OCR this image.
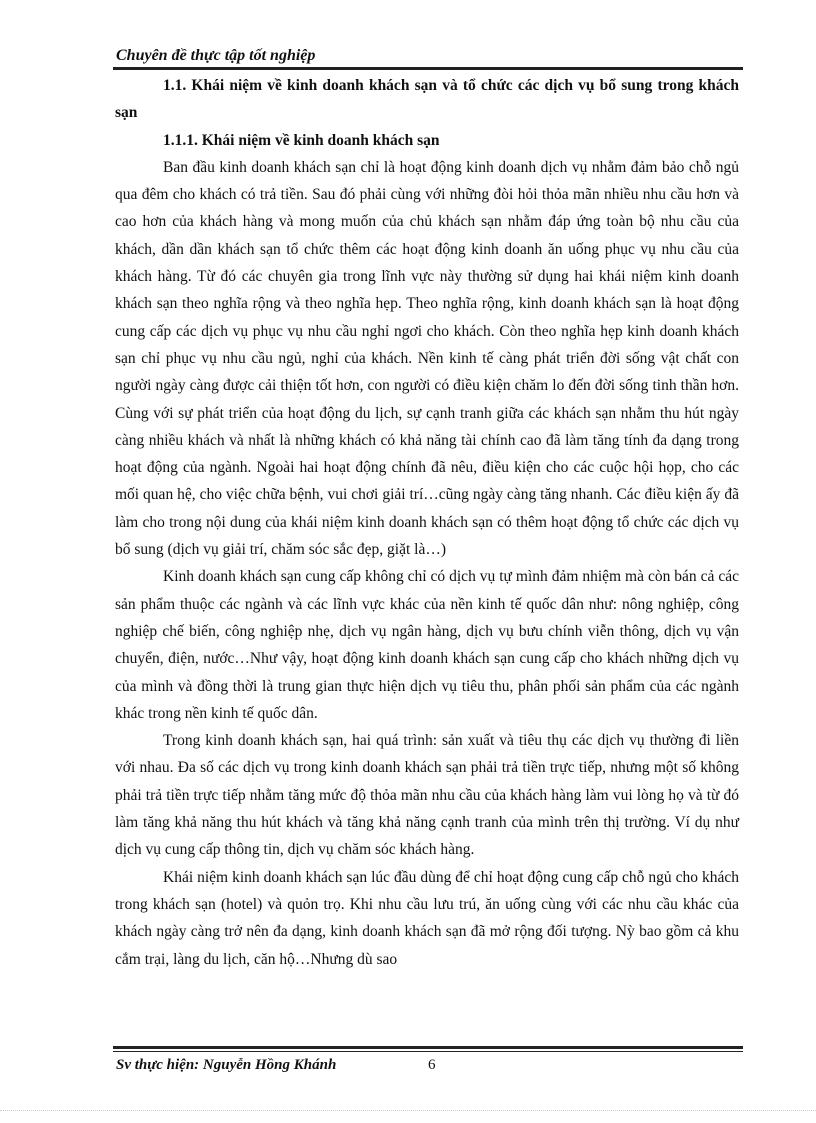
Chuyên đề thực tập tốt nghiệp
1.1. Khái niệm về kinh doanh khách sạn và tổ chức các dịch vụ bổ sung trong khách sạn
1.1.1. Khái niệm về kinh doanh khách sạn

Ban đầu kinh doanh khách sạn chỉ là hoạt động kinh doanh dịch vụ nhằm đảm bảo chỗ ngủ qua đêm cho khách có trả tiền. Sau đó phải cùng với những đòi hỏi thỏa mãn nhiều nhu cầu hơn và cao hơn của khách hàng và mong muốn của chủ khách sạn nhằm đáp ứng toàn bộ nhu cầu của khách, dần dần khách sạn tổ chức thêm các hoạt động kinh doanh ăn uống phục vụ nhu cầu của khách hàng. Từ đó các chuyên gia trong lĩnh vực này thường sử dụng hai khái niệm kinh doanh khách sạn theo nghĩa rộng và theo nghĩa hẹp. Theo nghĩa rộng, kinh doanh khách sạn là hoạt động cung cấp các dịch vụ phục vụ nhu cầu nghỉ ngơi cho khách. Còn theo nghĩa hẹp kinh doanh khách sạn chỉ phục vụ nhu cầu ngủ, nghỉ của khách. Nền kinh tế càng phát triển đời sống vật chất con người ngày càng được cải thiện tốt hơn, con người có điều kiện chăm lo đến đời sống tinh thần hơn. Cùng với sự phát triển của hoạt động du lịch, sự cạnh tranh giữa các khách sạn nhằm thu hút ngày càng nhiều khách và nhất là những khách có khả năng tài chính cao đã làm tăng tính đa dạng trong hoạt động của ngành. Ngoài hai hoạt động chính đã nêu, điều kiện cho các cuộc hội họp, cho các mối quan hệ, cho việc chữa bệnh, vui chơi giải trí…cũng ngày càng tăng nhanh. Các điều kiện ấy đã làm cho trong nội dung của khái niệm kinh doanh khách sạn có thêm hoạt động tổ chức các dịch vụ bổ sung (dịch vụ giải trí, chăm sóc sắc đẹp, giặt là…)

Kinh doanh khách sạn cung cấp không chỉ có dịch vụ tự mình đảm nhiệm mà còn bán cả các sản phẩm thuộc các ngành và các lĩnh vực khác của nền kinh tế quốc dân như: nông nghiệp, công nghiệp chế biến, công nghiệp nhẹ, dịch vụ ngân hàng, dịch vụ bưu chính viễn thông, dịch vụ vận chuyển, điện, nước…Như vậy, hoạt động kinh doanh khách sạn cung cấp cho khách những dịch vụ của mình và đồng thời là trung gian thực hiện dịch vụ tiêu thu, phân phối sản phẩm của các ngành khác trong nền kinh tế quốc dân.

Trong kinh doanh khách sạn, hai quá trình: sản xuất và tiêu thụ các dịch vụ thường đi liền với nhau. Đa số các dịch vụ trong kinh doanh khách sạn phải trả tiền trực tiếp, nhưng một số không phải trả tiền trực tiếp nhằm tăng mức độ thỏa mãn nhu cầu của khách hàng làm vui lòng họ và từ đó làm tăng khả năng thu hút khách và tăng khả năng cạnh tranh của mình trên thị trường. Ví dụ như dịch vụ cung cấp thông tin, dịch vụ chăm sóc khách hàng.

Khái niệm kinh doanh khách sạn lúc đầu dùng để chỉ hoạt động cung cấp chỗ ngủ cho khách trong khách sạn (hotel) và quỏn trọ. Khi nhu cầu lưu trú, ăn uống cùng với các nhu cầu khác của khách ngày càng trở nên đa dạng, kinh doanh khách sạn đã mở rộng đối tượng. Nỳ bao gồm cả khu cắm trại, làng du lịch, căn hộ…Nhưng dù sao

Sv thực hiện: Nguyễn Hồng Khánh	6
